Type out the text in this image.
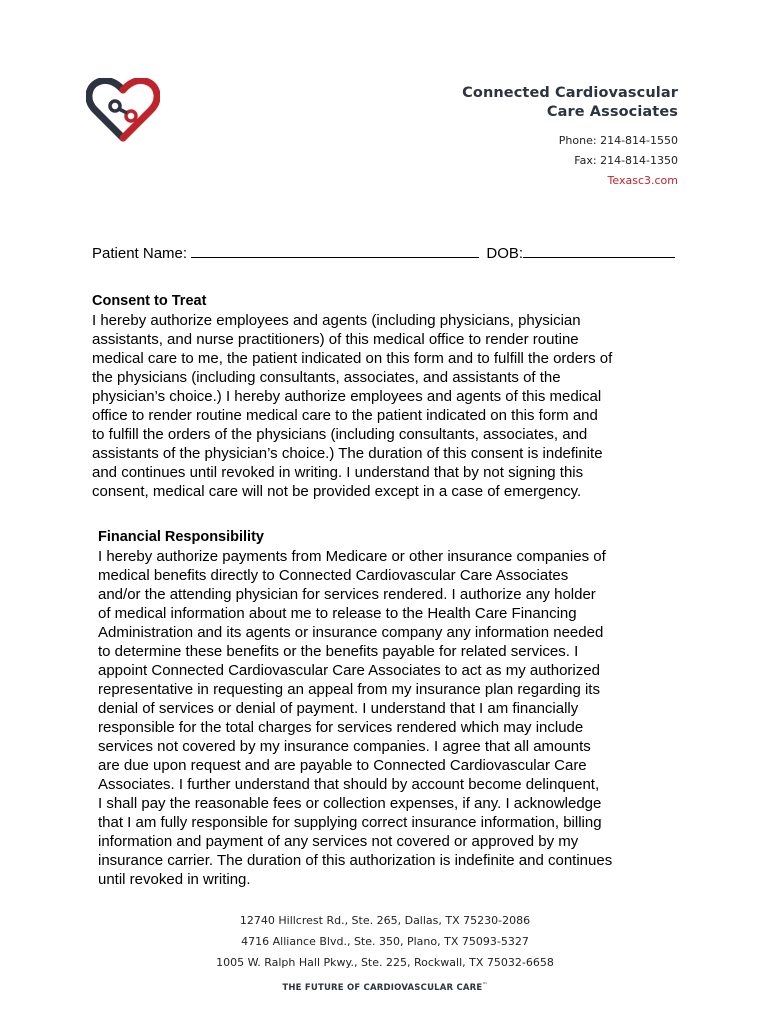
Connected Cardiovascular
Care Associates
Phone: 214-814-1550
Fax: 214-814-1350
Texasc3.com
Patient Name:	DOB:
Consent to Treat

I hereby authorize employees and agents (including physicians, physician
assistants, and nurse practitioners) of this medical office to render routine
medical care to me, the patient indicated on this form and to fulfill the orders of
the physicians (including consultants, associates, and assistants of the
physician’s choice.) I hereby authorize employees and agents of this medical
office to render routine medical care to the patient indicated on this form and
to fulfill the orders of the physicians (including consultants, associates, and
assistants of the physician’s choice.) The duration of this consent is indefinite
and continues until revoked in writing. I understand that by not signing this
consent, medical care will not be provided except in a case of emergency.

Financial Responsibility

I hereby authorize payments from Medicare or other insurance companies of
medical benefits directly to Connected Cardiovascular Care Associates
and/or the attending physician for services rendered. I authorize any holder
of medical information about me to release to the Health Care Financing
Administration and its agents or insurance company any information needed
to determine these benefits or the benefits payable for related services. I
appoint Connected Cardiovascular Care Associates to act as my authorized
representative in requesting an appeal from my insurance plan regarding its
denial of services or denial of payment. I understand that I am financially
responsible for the total charges for services rendered which may include
services not covered by my insurance companies. I agree that all amounts
are due upon request and are payable to Connected Cardiovascular Care
Associates. I further understand that should by account become delinquent,
I shall pay the reasonable fees or collection expenses, if any. I acknowledge
that I am fully responsible for supplying correct insurance information, billing
information and payment of any services not covered or approved by my
insurance carrier. The duration of this authorization is indefinite and continues
until revoked in writing.

12740 Hillcrest Rd., Ste. 265, Dallas, TX 75230-2086
4716 Alliance Blvd., Ste. 350, Plano, TX 75093-5327
1005 W. Ralph Hall Pkwy., Ste. 225, Rockwall, TX 75032-6658
THE FUTURE OF CARDIOVASCULAR CARE™
